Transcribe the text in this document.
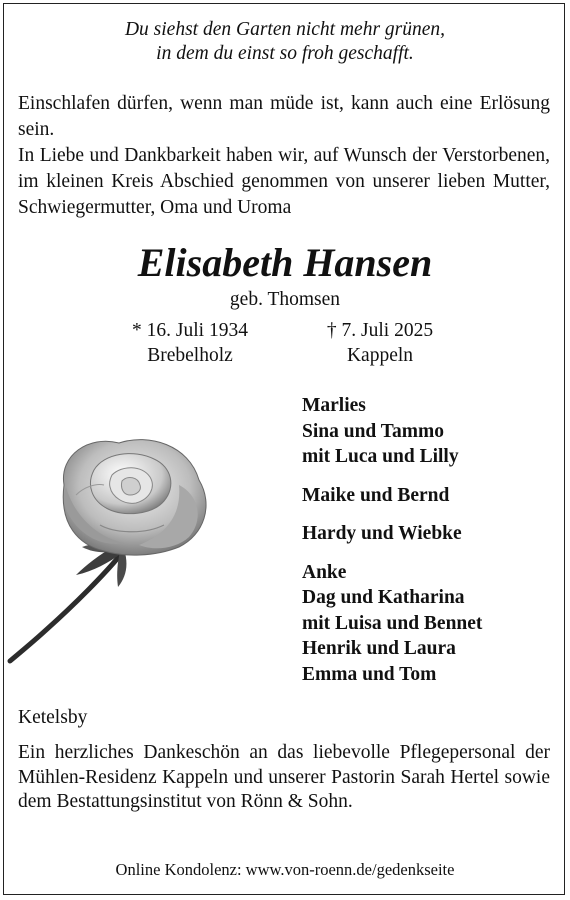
Du siehst den Garten nicht mehr grünen,
in dem du einst so froh geschafft.

Einschlafen dürfen, wenn man müde ist, kann auch eine Erlösung sein.

In Liebe und Dankbarkeit haben wir, auf Wunsch der Verstorbenen, im kleinen Kreis Abschied genommen von unserer lieben Mutter, Schwiegermutter, Oma und Uroma

Elisabeth Hansen
geb. Thomsen
* 16. Juli 1934
Brebelholz
† 7. Juli 2025
Kappeln
Marlies
Sina und Tammo
mit Luca und Lilly
Maike und Bernd
Hardy und Wiebke
Anke
Dag und Katharina
mit Luisa und Bennet
Henrik und Laura
Emma und Tom
Ketelsby

Ein herzliches Dankeschön an das liebevolle Pflegepersonal der Mühlen-Residenz Kappeln und unserer Pastorin Sarah Hertel sowie dem Bestattungsinstitut von Rönn & Sohn.

Online Kondolenz: www.von-roenn.de/gedenkseite
